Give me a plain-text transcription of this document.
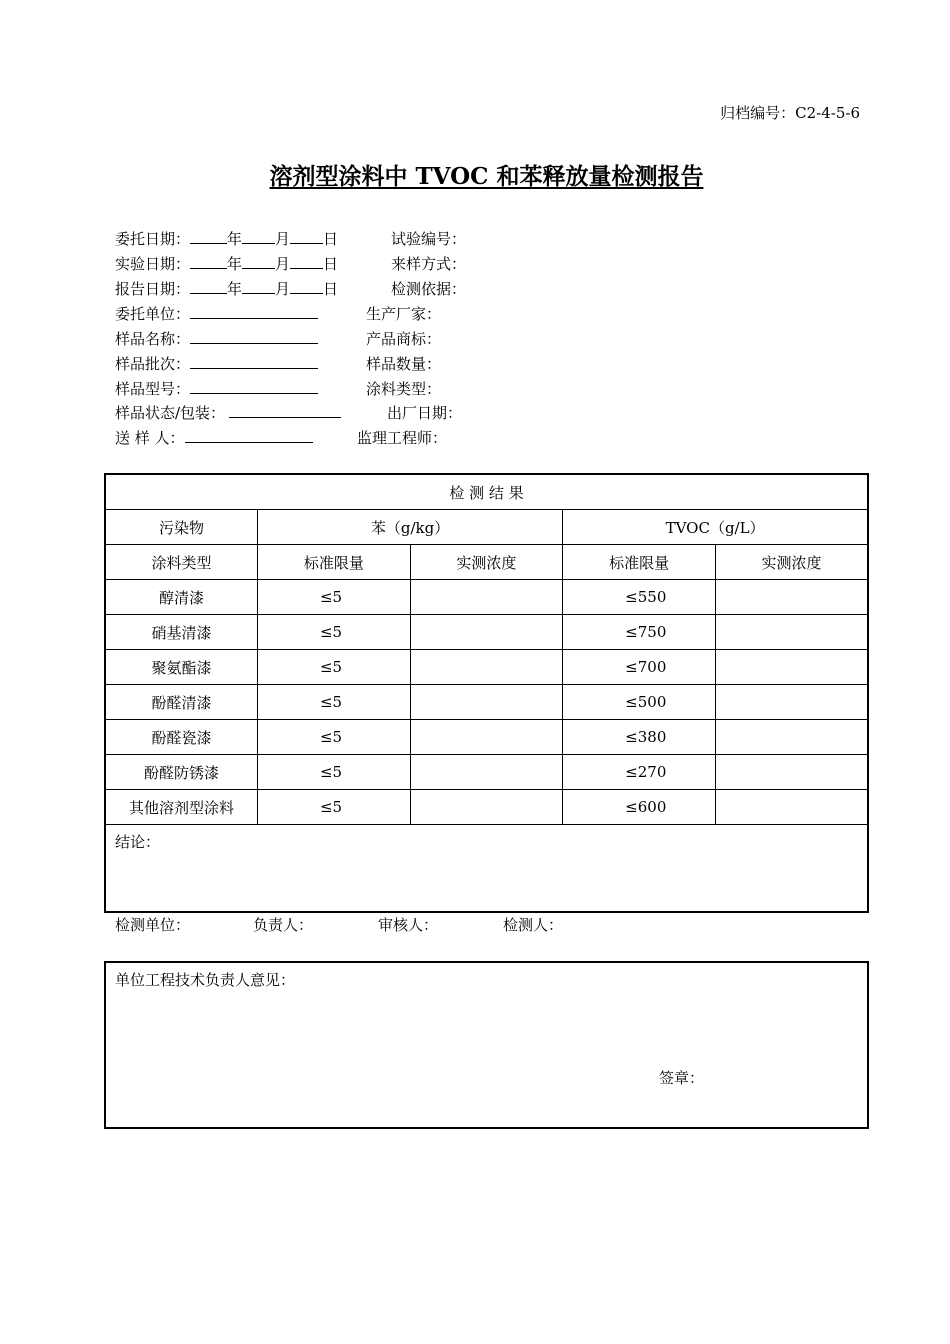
归档编号：C2-4-5-6
溶剂型涂料中 TVOC 和苯释放量检测报告
委托日期： 年 月 日	试验编号：
实验日期： 年 月 日	来样方式：
报告日期： 年 月 日	检测依据：
委托单位：	生产厂家：
样品名称：	产品商标：
样品批次：	样品数量：
样品型号：	涂料类型：
样品状态/包装：	出厂日期：
送 样 人：	监理工程师：
检 测 结 果				
污染物	苯（g/kg）		TVOC（g/L）	
涂料类型	标准限量	实测浓度	标准限量	实测浓度
醇清漆	≤5		≤550	
硝基清漆	≤5		≤750	
聚氨酯漆	≤5		≤700	
酚醛清漆	≤5		≤500	
酚醛瓷漆	≤5		≤380	
酚醛防锈漆	≤5		≤270	
其他溶剂型涂料	≤5		≤600	
结论：				
检测单位：	负责人：	审核人：	检测人：
单位工程技术负责人意见：
签章：
